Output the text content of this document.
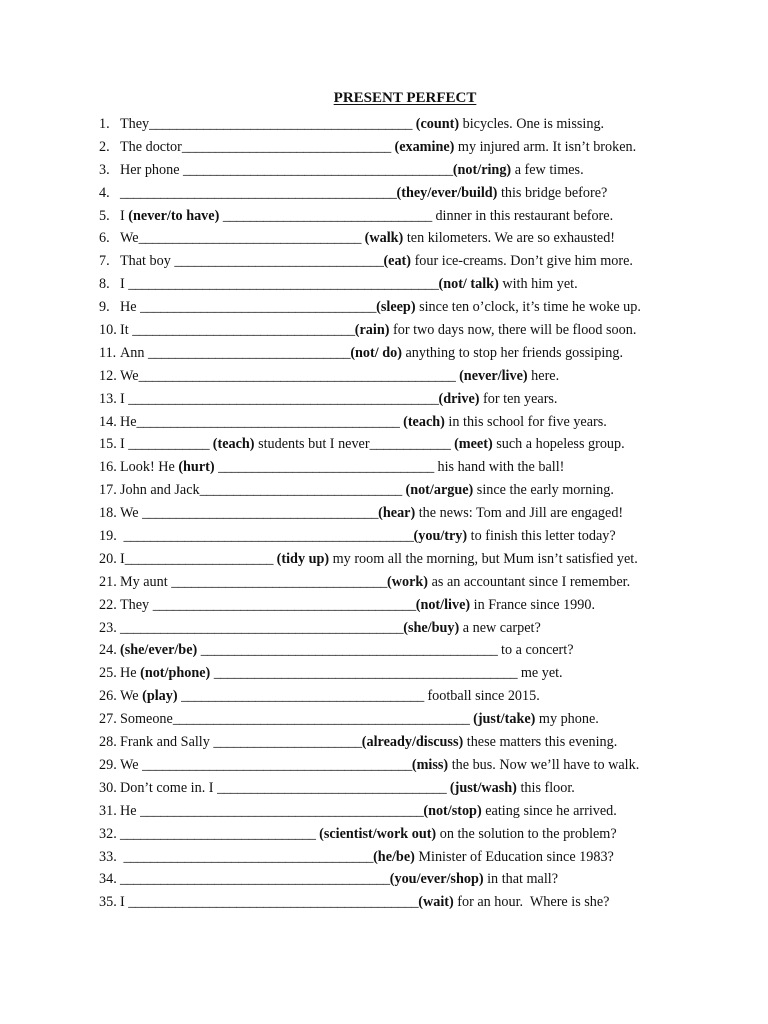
PRESENT PERFECT
1. They_______________________________________ (count) bicycles. One is missing.
2. The doctor_______________________________ (examine) my injured arm. It isn’t broken.
3. Her phone ________________________________________(not/ring) a few times.
4. _________________________________________(they/ever/build) this bridge before?
5. I (never/to have) _______________________________ dinner in this restaurant before.
6. We_________________________________ (walk) ten kilometers. We are so exhausted!
7. That boy _______________________________(eat) four ice-creams. Don’t give him more.
8. I ______________________________________________(not/ talk) with him yet.
9. He ___________________________________(sleep) since ten o’clock, it’s time he woke up.
10. It _________________________________(rain) for two days now, there will be flood soon.
11. Ann ______________________________(not/ do) anything to stop her friends gossiping.
12. We_______________________________________________ (never/live) here.
13. I ______________________________________________(drive) for ten years.
14. He_______________________________________ (teach) in this school for five years.
15. I ____________ (teach) students but I never____________ (meet) such a hopeless group.
16. Look! He (hurt) ________________________________ his hand with the ball!
17. John and Jack______________________________ (not/argue) since the early morning.
18. We ___________________________________(hear) the news: Tom and Jill are engaged!
19. ___________________________________________(you/try) to finish this letter today?
20. I______________________ (tidy up) my room all the morning, but Mum isn’t satisfied yet.
21. My aunt ________________________________(work) as an accountant since I remember.
22. They _______________________________________(not/live) in France since 1990.
23. __________________________________________(she/buy) a new carpet?
24. (she/ever/be) ____________________________________________ to a concert?
25. He (not/phone) _____________________________________________ me yet.
26. We (play) ____________________________________ football since 2015.
27. Someone____________________________________________ (just/take) my phone.
28. Frank and Sally ______________________(already/discuss) these matters this evening.
29. We ________________________________________(miss) the bus. Now we’ll have to walk.
30. Don’t come in. I __________________________________ (just/wash) this floor.
31. He __________________________________________(not/stop) eating since he arrived.
32. _____________________________ (scientist/work out) on the solution to the problem?
33. _____________________________________(he/be) Minister of Education since 1983?
34. ________________________________________(you/ever/shop) in that mall?
35. I ___________________________________________(wait) for an hour.  Where is she?
